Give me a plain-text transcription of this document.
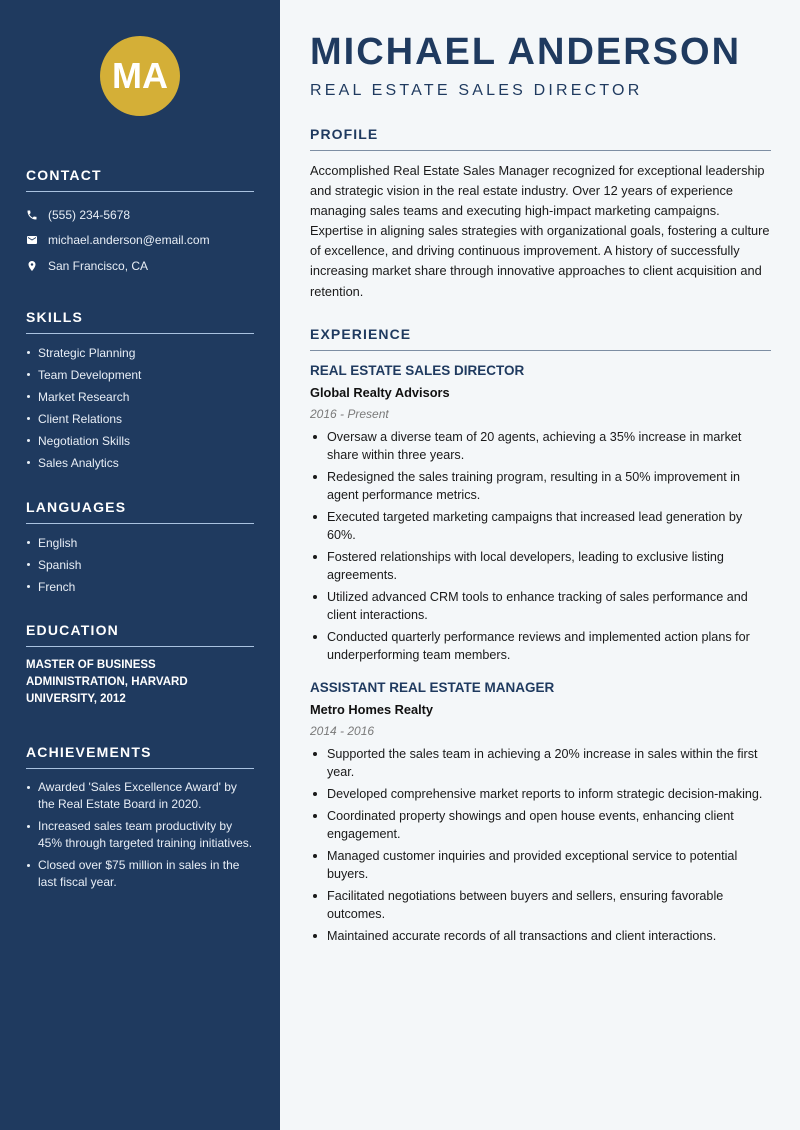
MA
CONTACT
(555) 234-5678
michael.anderson@email.com
San Francisco, CA
SKILLS
Strategic Planning
Team Development
Market Research
Client Relations
Negotiation Skills
Sales Analytics
LANGUAGES
English
Spanish
French
EDUCATION

MASTER OF BUSINESS ADMINISTRATION, HARVARD UNIVERSITY, 2012

ACHIEVEMENTS
Awarded 'Sales Excellence Award' by the Real Estate Board in 2020.
Increased sales team productivity by 45% through targeted training initiatives.
Closed over $75 million in sales in the last fiscal year.
MICHAEL ANDERSON
REAL ESTATE SALES DIRECTOR
PROFILE

Accomplished Real Estate Sales Manager recognized for exceptional leadership and strategic vision in the real estate industry. Over 12 years of experience managing sales teams and executing high-impact marketing campaigns. Expertise in aligning sales strategies with organizational goals, fostering a culture of excellence, and driving continuous improvement. A history of successfully increasing market share through innovative approaches to client acquisition and retention.

EXPERIENCE
REAL ESTATE SALES DIRECTOR
Global Realty Advisors
2016 - Present
Oversaw a diverse team of 20 agents, achieving a 35% increase in market share within three years.
Redesigned the sales training program, resulting in a 50% improvement in agent performance metrics.
Executed targeted marketing campaigns that increased lead generation by 60%.
Fostered relationships with local developers, leading to exclusive listing agreements.
Utilized advanced CRM tools to enhance tracking of sales performance and client interactions.
Conducted quarterly performance reviews and implemented action plans for underperforming team members.
ASSISTANT REAL ESTATE MANAGER
Metro Homes Realty
2014 - 2016
Supported the sales team in achieving a 20% increase in sales within the first year.
Developed comprehensive market reports to inform strategic decision-making.
Coordinated property showings and open house events, enhancing client engagement.
Managed customer inquiries and provided exceptional service to potential buyers.
Facilitated negotiations between buyers and sellers, ensuring favorable outcomes.
Maintained accurate records of all transactions and client interactions.
